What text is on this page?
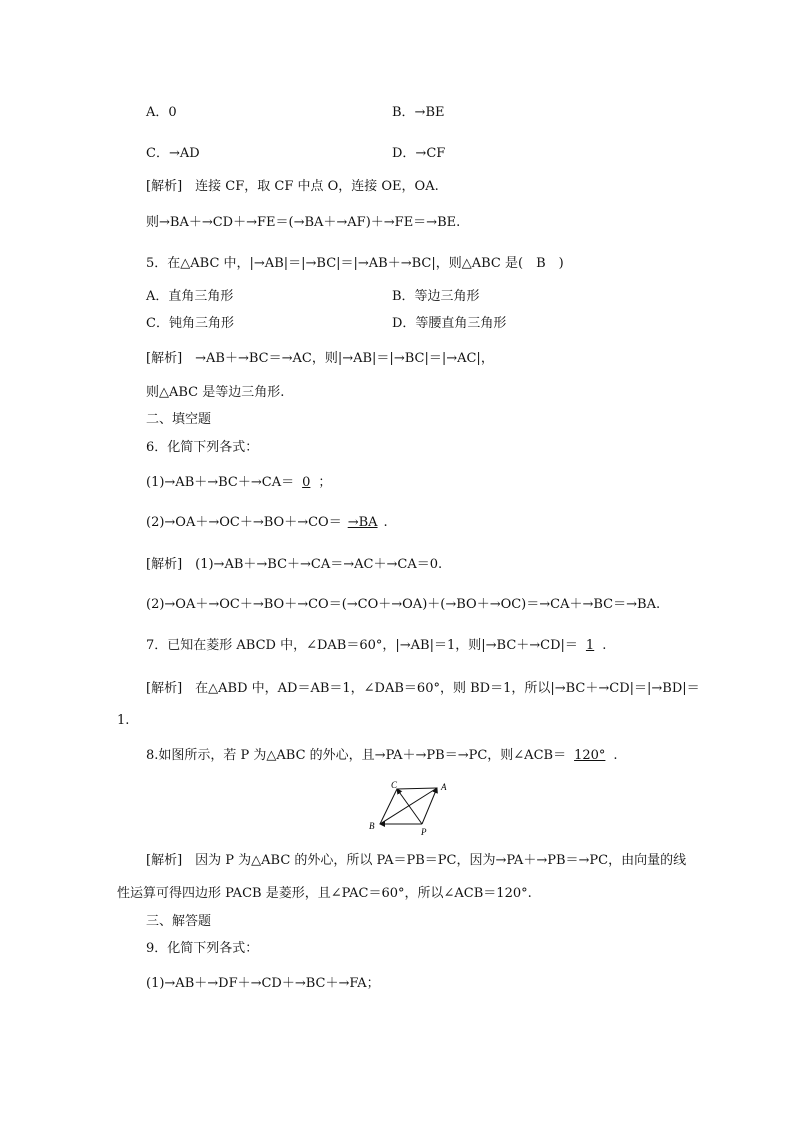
A．0	B．→BE
C．→AD	D．→CF
[解析]　连接 CF，取 CF 中点 O，连接 OE，OA.
则→BA＋→CD＋→FE＝(→BA＋→AF)＋→FE＝→BE.
5．在△ABC 中，|→AB|＝|→BC|＝|→AB＋→BC|，则△ABC 是(　B　)
A．直角三角形	B．等边三角形
C．钝角三角形	D．等腰直角三角形
[解析]　→AB＋→BC＝→AC，则|→AB|＝|→BC|＝|→AC|，
则△ABC 是等边三角形.
二、填空题
6．化简下列各式：
(1)→AB＋→BC＋→CA＝ 0 ；
(2)→OA＋→OC＋→BO＋→CO＝ →BA .
[解析]　(1)→AB＋→BC＋→CA＝→AC＋→CA＝0.
(2)→OA＋→OC＋→BO＋→CO＝(→CO＋→OA)＋(→BO＋→OC)＝→CA＋→BC＝→BA.
7．已知在菱形 ABCD 中，∠DAB＝60°，|→AB|＝1，则|→BC＋→CD|＝ 1 .
[解析]　在△ABD 中，AD＝AB＝1，∠DAB＝60°，则 BD＝1，所以|→BC＋→CD|＝|→BD|＝
1.
8.如图所示，若 P 为△ABC 的外心，且→PA＋→PB＝→PC，则∠ACB＝ 120° .
C	A
B
P
[解析]　因为 P 为△ABC 的外心，所以 PA＝PB＝PC，因为→PA＋→PB＝→PC，由向量的线
性运算可得四边形 PACB 是菱形，且∠PAC＝60°，所以∠ACB＝120°.
三、解答题
9．化简下列各式：
(1)→AB＋→DF＋→CD＋→BC＋→FA；
